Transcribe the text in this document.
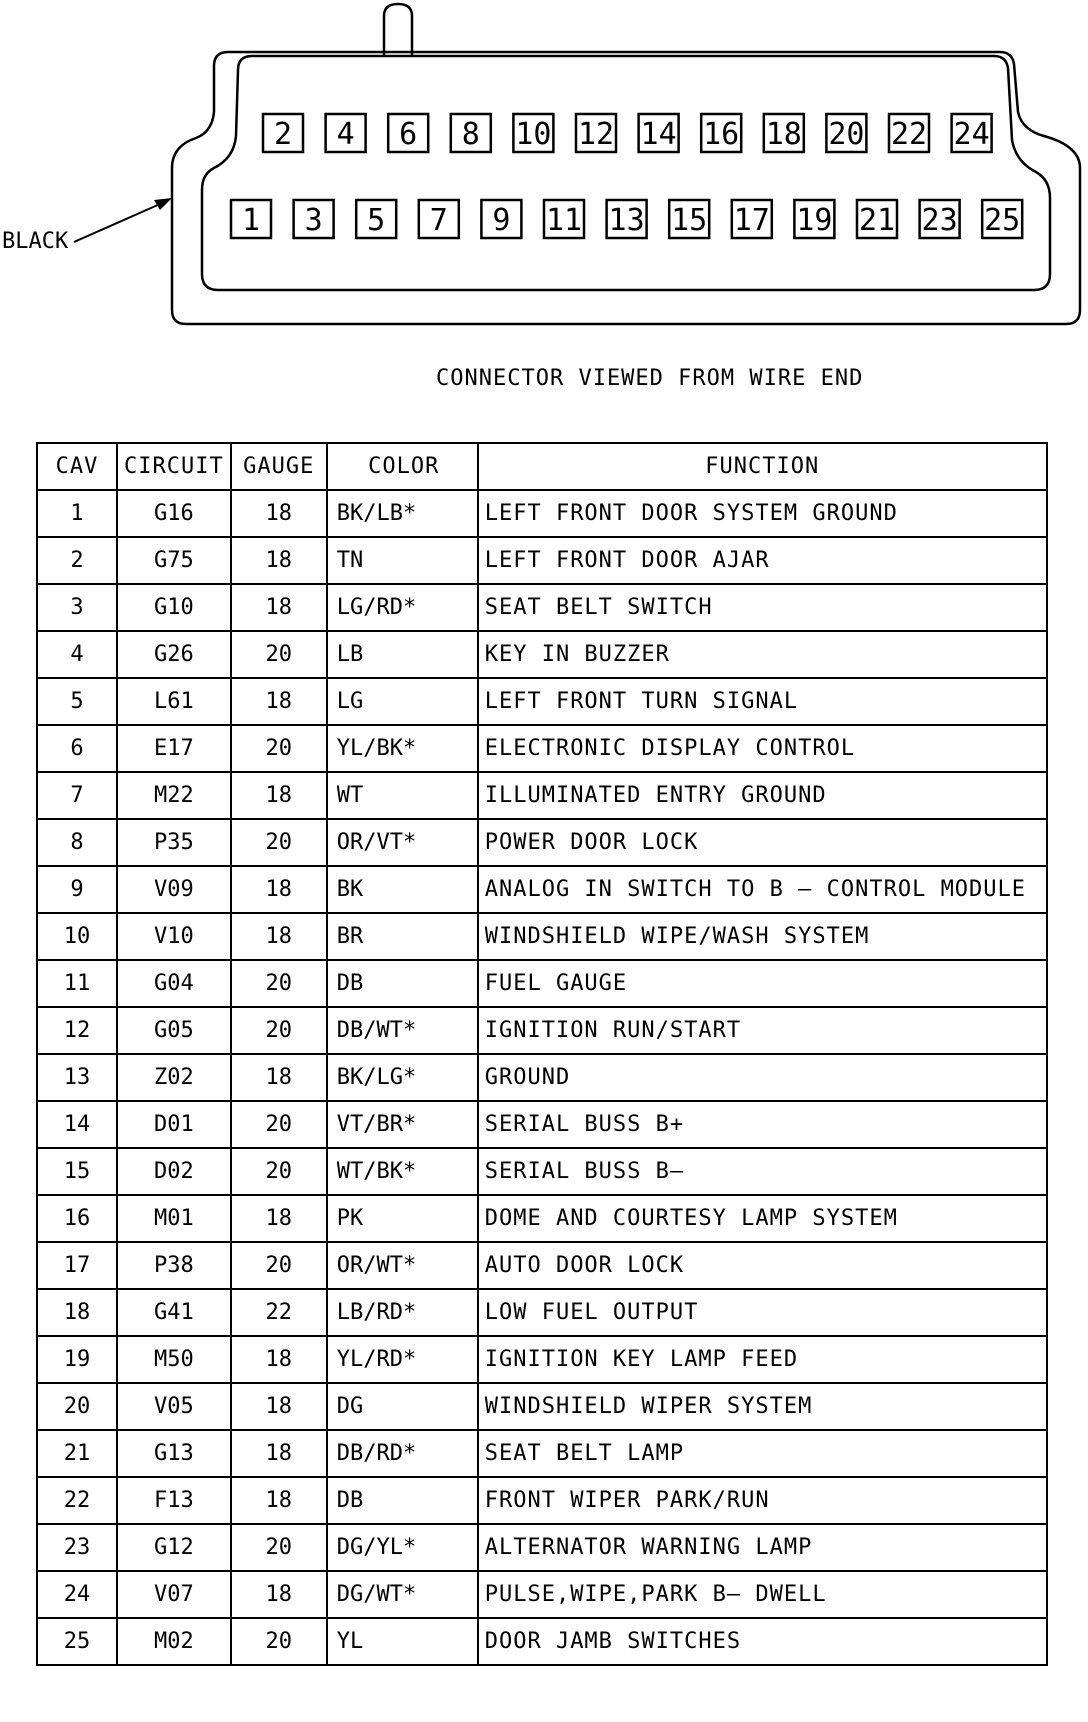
2 4 6 8 10 12 14 16 18 20 22 24
1 3 5 7 9 11 13 15 17 19 21 23 25
BLACK
CONNECTOR VIEWED FROM WIRE END
CAV	CIRCUIT	GAUGE	COLOR	FUNCTION
1	G16	18	BK/LB*	LEFT FRONT DOOR SYSTEM GROUND
2	G75	18	TN	LEFT FRONT DOOR AJAR
3	G10	18	LG/RD*	SEAT BELT SWITCH
4	G26	20	LB	KEY IN BUZZER
5	L61	18	LG	LEFT FRONT TURN SIGNAL
6	E17	20	YL/BK*	ELECTRONIC DISPLAY CONTROL
7	M22	18	WT	ILLUMINATED ENTRY GROUND
8	P35	20	OR/VT*	POWER DOOR LOCK
9	V09	18	BK	ANALOG IN SWITCH TO B — CONTROL MODULE
10	V10	18	BR	WINDSHIELD WIPE/WASH SYSTEM
11	G04	20	DB	FUEL GAUGE
12	G05	20	DB/WT*	IGNITION RUN/START
13	Z02	18	BK/LG*	GROUND
14	D01	20	VT/BR*	SERIAL BUSS B+
15	D02	20	WT/BK*	SERIAL BUSS B—
16	M01	18	PK	DOME AND COURTESY LAMP SYSTEM
17	P38	20	OR/WT*	AUTO DOOR LOCK
18	G41	22	LB/RD*	LOW FUEL OUTPUT
19	M50	18	YL/RD*	IGNITION KEY LAMP FEED
20	V05	18	DG	WINDSHIELD WIPER SYSTEM
21	G13	18	DB/RD*	SEAT BELT LAMP
22	F13	18	DB	FRONT WIPER PARK/RUN
23	G12	20	DG/YL*	ALTERNATOR WARNING LAMP
24	V07	18	DG/WT*	PULSE,WIPE,PARK B— DWELL
25	M02	20	YL	DOOR JAMB SWITCHES
